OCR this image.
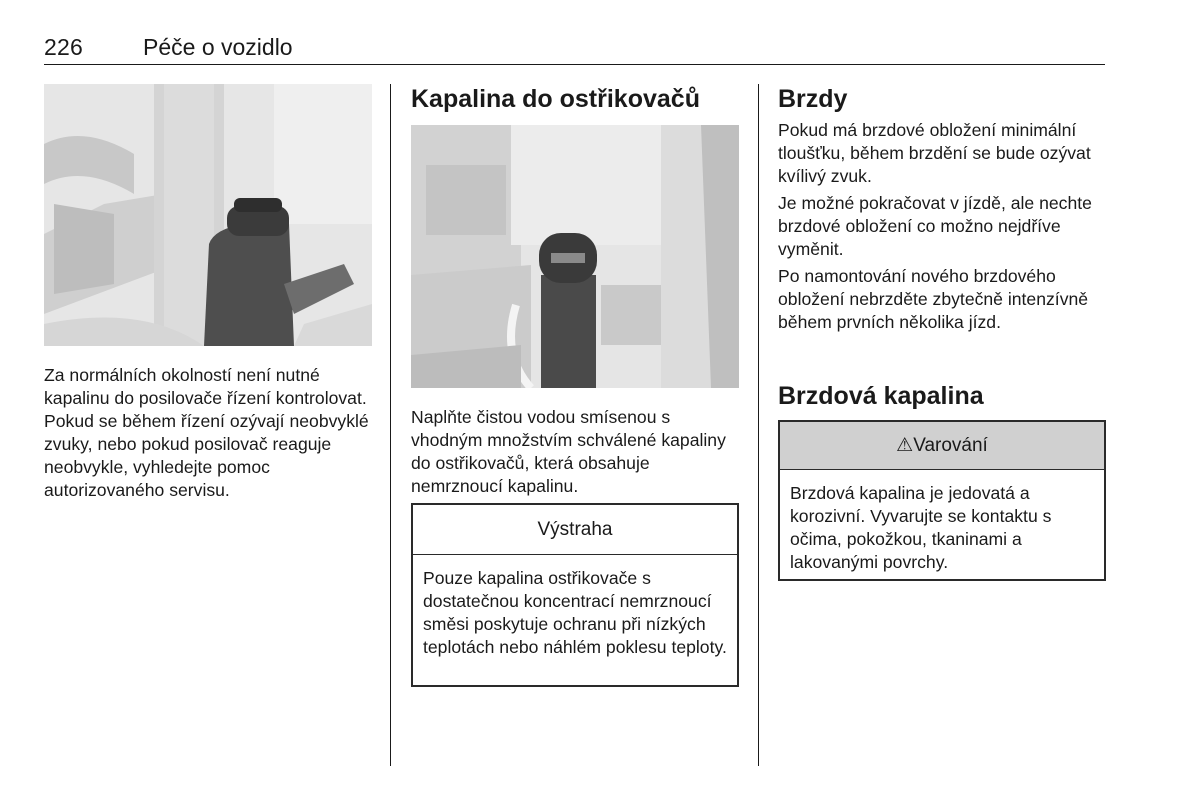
226	Péče o vozidlo

Za normálních okolností není nutné kapalinu do posilovače řízení kontrolovat. Pokud se během řízení ozývají neobvyklé zvuky, nebo pokud posilovač reaguje neobvykle, vyhledejte pomoc autorizovaného servisu.

Kapalina do ostřikovačů

Naplňte čistou vodou smísenou s vhodným množstvím schválené kapaliny do ostřikovačů, která obsahuje nemrznoucí kapalinu.

Výstraha
Pouze kapalina ostřikovače s dostatečnou koncentrací nemrznoucí směsi poskytuje ochranu při nízkých teplotách nebo náhlém poklesu teploty.
Brzdy

Pokud má brzdové obložení minimální tloušťku, během brzdění se bude ozývat kvílivý zvuk.

Je možné pokračovat v jízdě, ale nechte brzdové obložení co možno nejdříve vyměnit.

Po namontování nového brzdového obložení nebrzděte zbytečně intenzívně během prvních několika jízd.

Brzdová kapalina
⚠Varování
Brzdová kapalina je jedovatá a korozivní. Vyvarujte se kontaktu s očima, pokožkou, tkaninami a lakovanými povrchy.
